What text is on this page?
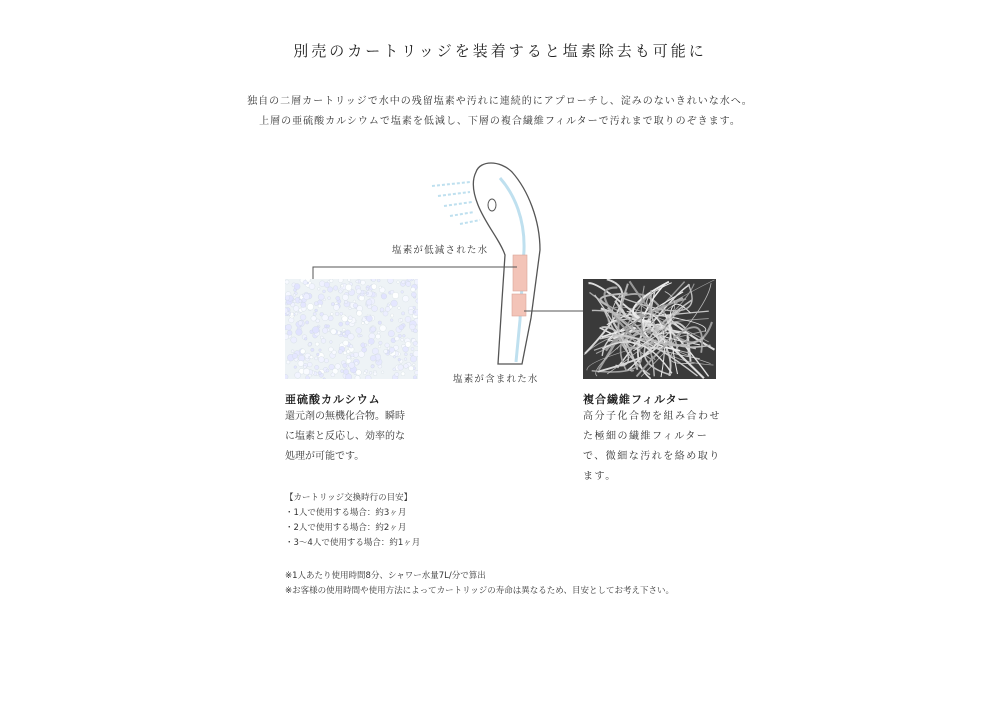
別売のカートリッジを装着すると塩素除去も可能に
独自の二層カートリッジで水中の残留塩素や汚れに連続的にアプローチし、淀みのないきれいな水へ。
上層の亜硫酸カルシウムで塩素を低減し、下層の複合繊維フィルターで汚れまで取りのぞきます。
塩素が低減された水
塩素が含まれた水
亜硫酸カルシウム
還元剤の無機化合物。瞬時
に塩素と反応し、効率的な
処理が可能です。
複合繊維フィルター
高分子化合物を組み合わせ
た極細の繊維フィルター
で、微細な汚れを絡め取り
ます。
【カートリッジ交換時行の目安】
・1人で使用する場合：約3ヶ月
・2人で使用する場合：約2ヶ月
・3〜4人で使用する場合：約1ヶ月
※1人あたり使用時間8分、シャワー水量7L/分で算出
※お客様の使用時間や使用方法によってカートリッジの寿命は異なるため、目安としてお考え下さい。
